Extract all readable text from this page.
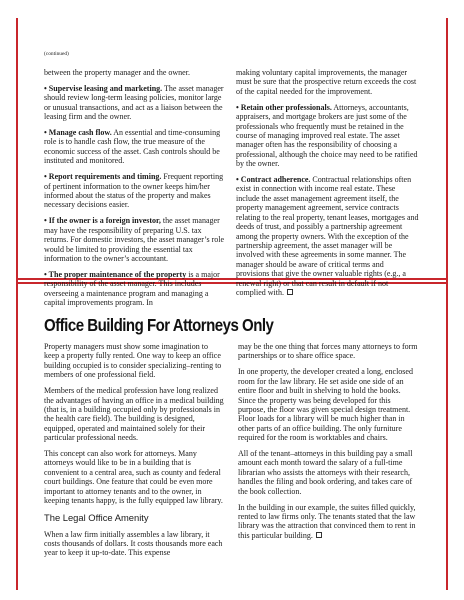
(continued)

between the property manager and the owner.

• Supervise leasing and marketing. The asset manager should review long-term leasing policies, monitor large or unusual transactions, and act as a liaison between the leasing firm and the owner.

• Manage cash flow. An essential and time-consuming role is to handle cash flow, the true measure of the economic success of the asset. Cash controls should be instituted and monitored.

• Report requirements and timing. Frequent reporting of pertinent information to the owner keeps him/her informed about the status of the property and makes necessary decisions easier.

• If the owner is a foreign investor, the asset manager may have the responsibility of preparing U.S. tax returns. For domestic investors, the asset manager’s role would be limited to providing the essential tax information to the owner’s accountant.

• The proper maintenance of the property is a major responsibility of the asset manager. This includes overseeing a maintenance program and managing a capital improvements program. In

making voluntary capital improvements, the manager must be sure that the prospective return exceeds the cost of the capital needed for the improvement.

• Retain other professionals. Attorneys, accountants, appraisers, and mortgage brokers are just some of the professionals who frequently must be retained in the course of managing improved real estate. The asset manager often has the responsibility of choosing a professional, although the choice may need to be ratified by the owner.

• Contract adherence. Contractual relationships often exist in connection with income real estate. These include the asset management agreement itself, the property management agreement, service contracts relating to the real property, tenant leases, mortgages and deeds of trust, and possibly a partnership agreement among the property owners. With the exception of the partnership agreement, the asset manager will be involved with these agreements in some manner. The manager should be aware of critical terms and provisions that give the owner valuable rights (e.g., a renewal right) or that can result in default if not complied with.

Office Building For Attorneys Only

Property managers must show some imagination to keep a property fully rented. One way to keep an office building occupied is to consider specializing–renting to members of one professional field.

Members of the medical profession have long realized the advantages of having an office in a medical building (that is, in a building occupied only by professionals in the health care field). The building is designed, equipped, operated and maintained solely for their particular professional needs.

This concept can also work for attorneys. Many attorneys would like to be in a building that is convenient to a central area, such as county and federal court buildings. One feature that could be even more important to attorney tenants and to the owner, in keeping tenants happy, is the fully equipped law library.

The Legal Office Amenity

When a law firm initially assembles a law library, it costs thousands of dollars. It costs thousands more each year to keep it up-to-date. This expense

may be the one thing that forces many attorneys to form partnerships or to share office space.

In one property, the developer created a long, enclosed room for the law library. He set aside one side of an entire floor and built in shelving to hold the books. Since the property was being developed for this purpose, the floor was given special design treatment. Floor loads for a library will be much higher than in other parts of an office building. The only furniture required for the room is worktables and chairs.

All of the tenant–attorneys in this building pay a small amount each month toward the salary of a full-time librarian who assists the attorneys with their research, handles the filing and book ordering, and takes care of the book collection.

In the building in our example, the suites filled quickly, rented to law firms only. The tenants stated that the law library was the attraction that convinced them to rent in this particular building.
